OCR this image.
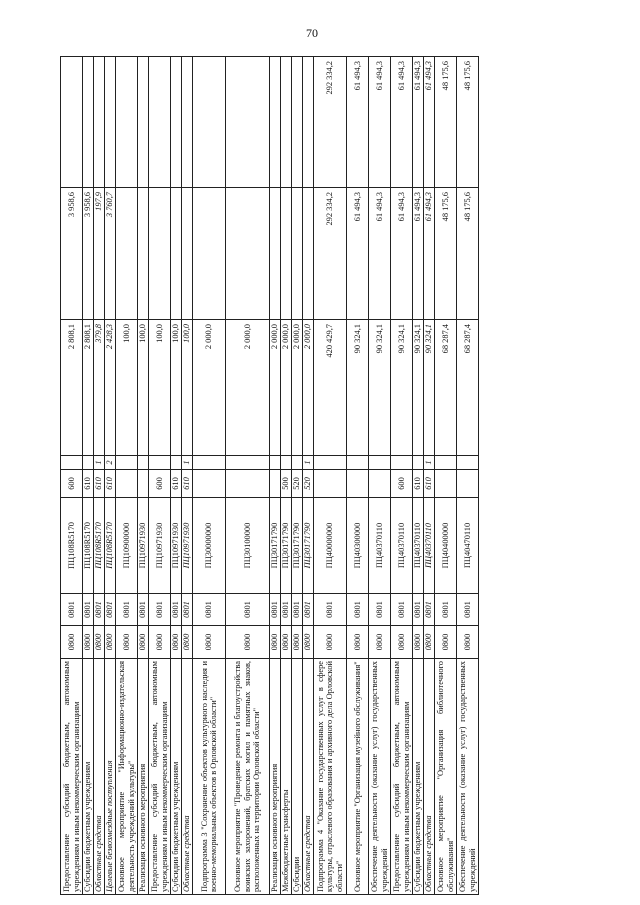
70
Предоставление субсидий бюджетным, автономным учреждениям и иным некоммерческим организациям	0800	0801	ПЦ108R5170	600		2 808,1	3 958,6	
Субсидии бюджетным учреждениям	0800	0801	ПЦ108R5170	610		2 808,1	3 958,6	
Областные средства	0800	0801	ПЦ108R5170	610	1	379,8	197,9	
Целевые безвозмездные поступления	0800	0801	ПЦ108R5170	610	2	2 428,3	3 760,7	
Основное мероприятие "Информационно-издательская деятельность учреждений культуры"	0800	0801	ПЦ10900000			100,0		
Реализация основного мероприятия	0800	0801	ПЦ10971930			100,0		
Предоставление субсидий бюджетным, автономным учреждениям и иным некоммерческим организациям	0800	0801	ПЦ10971930	600		100,0		
Субсидии бюджетным учреждениям	0800	0801	ПЦ10971930	610		100,0		
Областные средства	0800	0801	ПЦ10971930	610	1	100,0		
Подпрограмма 3 "Сохранение объектов культурного наследия и военно-мемориальных объектов в Орловской области"	0800	0801	ПЦ30000000			2 000,0		
Основное мероприятие "Проведение ремонта и благоустройства воинских захоронений, братских могил и памятных знаков, расположенных на территории Орловской области"	0800	0801	ПЦ30100000			2 000,0		
Реализация основного мероприятия	0800	0801	ПЦ30171790			2 000,0		
Межбюджетные трансферты	0800	0801	ПЦ30171790	500		2 000,0		
Субсидии	0800	0801	ПЦ30171790	520		2 000,0		
Областные средства	0800	0801	ПЦ30171790	520	1	2 000,0		
Подпрограмма 4 "Оказание государственных услуг в сфере культуры, отраслевого образования и архивного дела Орловской области"	0800	0801	ПЦ40000000			420 429,7	292 334,2	292 334,2
Основное мероприятие "Организация музейного обслуживания"	0800	0801	ПЦ40300000			90 324,1	61 494,3	61 494,3
Обеспечение деятельности (оказание услуг) государственных учреждений	0800	0801	ПЦ40370110			90 324,1	61 494,3	61 494,3
Предоставление субсидий бюджетным, автономным учреждениям и иным некоммерческим организациям	0800	0801	ПЦ40370110	600		90 324,1	61 494,3	61 494,3
Субсидии бюджетным учреждениям	0800	0801	ПЦ40370110	610		90 324,1	61 494,3	61 494,3
Областные средства	0800	0801	ПЦ40370110	610	1	90 324,1	61 494,3	61 494,3
Основное мероприятие "Организация библиотечного обслуживания"	0800	0801	ПЦ40400000			68 287,4	48 175,6	48 175,6
Обеспечение деятельности (оказание услуг) государственных учреждений	0800	0801	ПЦ40470110			68 287,4	48 175,6	48 175,6
